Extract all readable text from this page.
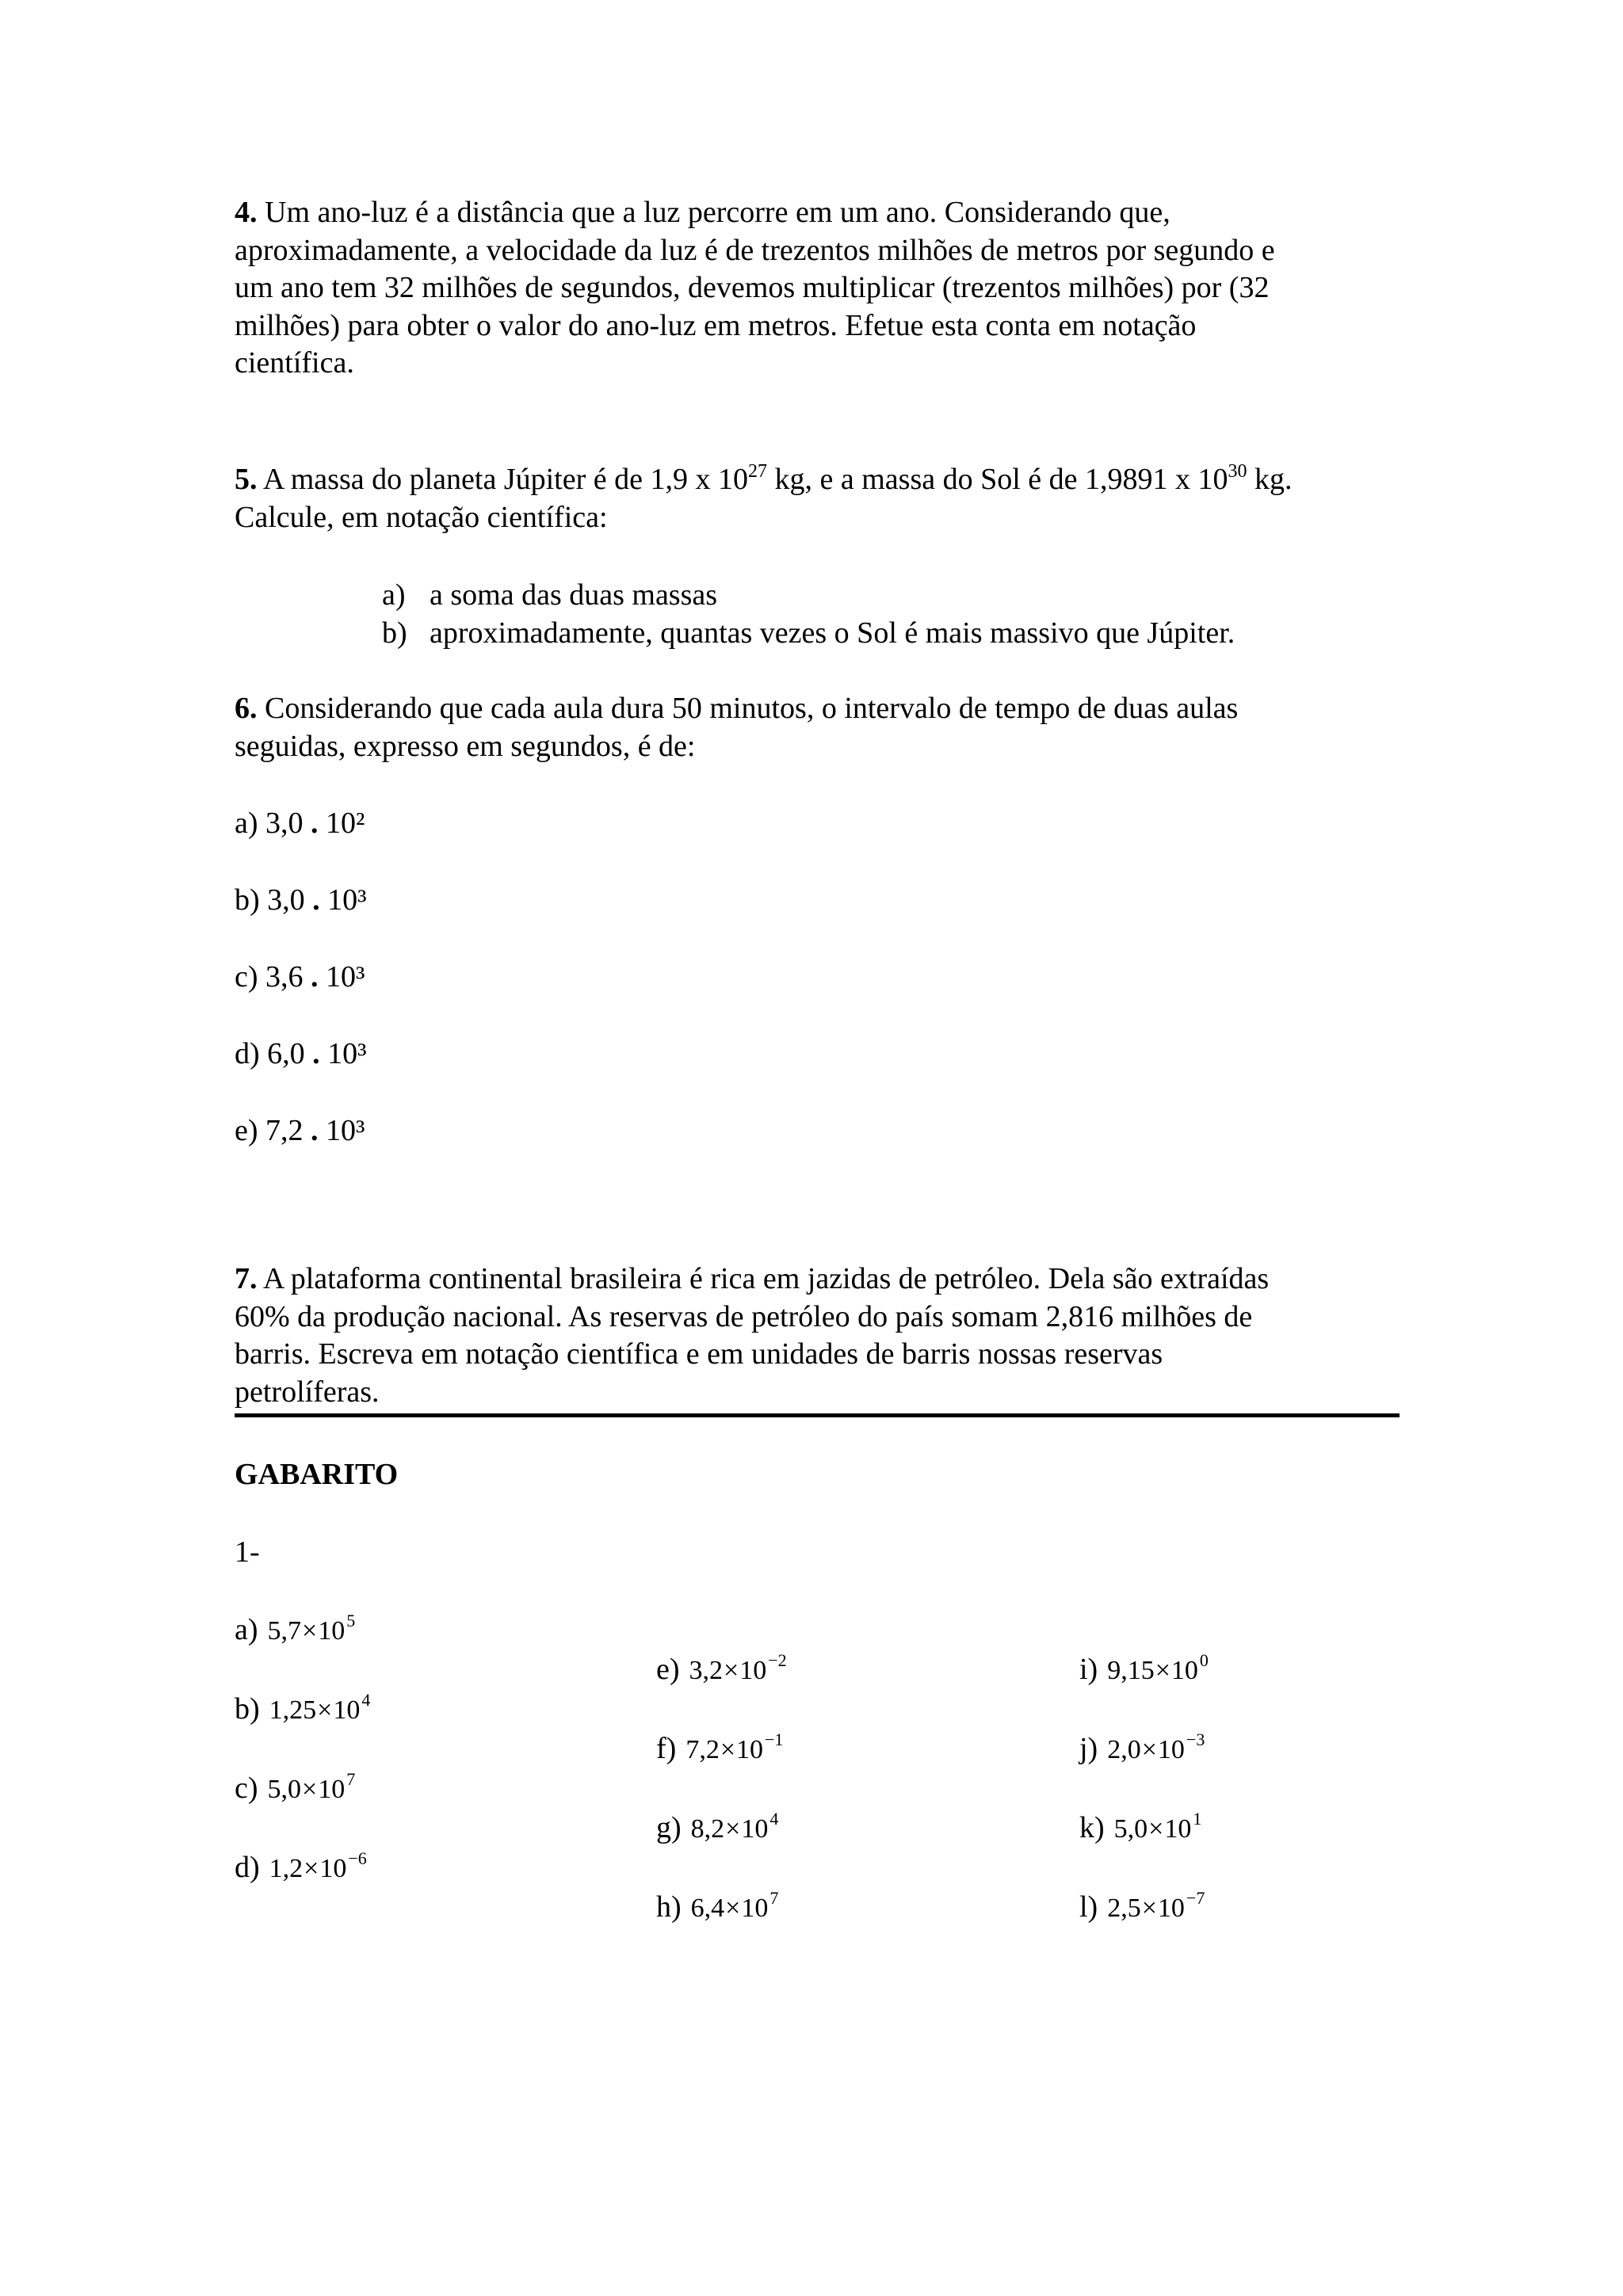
4. Um ano-luz é a distância que a luz percorre em um ano. Considerando que,
aproximadamente, a velocidade da luz é de trezentos milhões de metros por segundo e
um ano tem 32 milhões de segundos, devemos multiplicar (trezentos milhões) por (32
milhões) para obter o valor do ano-luz em metros. Efetue esta conta em notação
científica.
5. A massa do planeta Júpiter é de 1,9 x $10^{27}$ kg, e a massa do Sol é de 1,9891 x $10^{30}$ kg.
Calcule, em notação científica:
a) a soma das duas massas
b) aproximadamente, quantas vezes o Sol é mais massivo que Júpiter.
6. Considerando que cada aula dura 50 minutos, o intervalo de tempo de duas aulas
seguidas, expresso em segundos, é de:
a) 3,0 . 10²
b) 3,0 . 10³
c) 3,6 . 10³
d) 6,0 . 10³
e) 7,2 . 10³
7. A plataforma continental brasileira é rica em jazidas de petróleo. Dela são extraídas
60% da produção nacional. As reservas de petróleo do país somam 2,816 milhões de
barris. Escreva em notação científica e em unidades de barris nossas reservas
petrolíferas.
GABARITO
1-
a) $5,7\times 10^5$
b) $1,25\times 10^4$
c) $5,0\times 10^7$
d) $1,2\times 10^{-6}$
e) $3,2\times 10^{-2}$
f) $7,2\times 10^{-1}$
g) $8,2\times 10^4$
h) $6,4\times 10^7$
i) $9,15\times 10^0$
j) $2,0\times 10^{-3}$
k) $5,0\times 10^1$
l) $2,5\times 10^{-7}$
